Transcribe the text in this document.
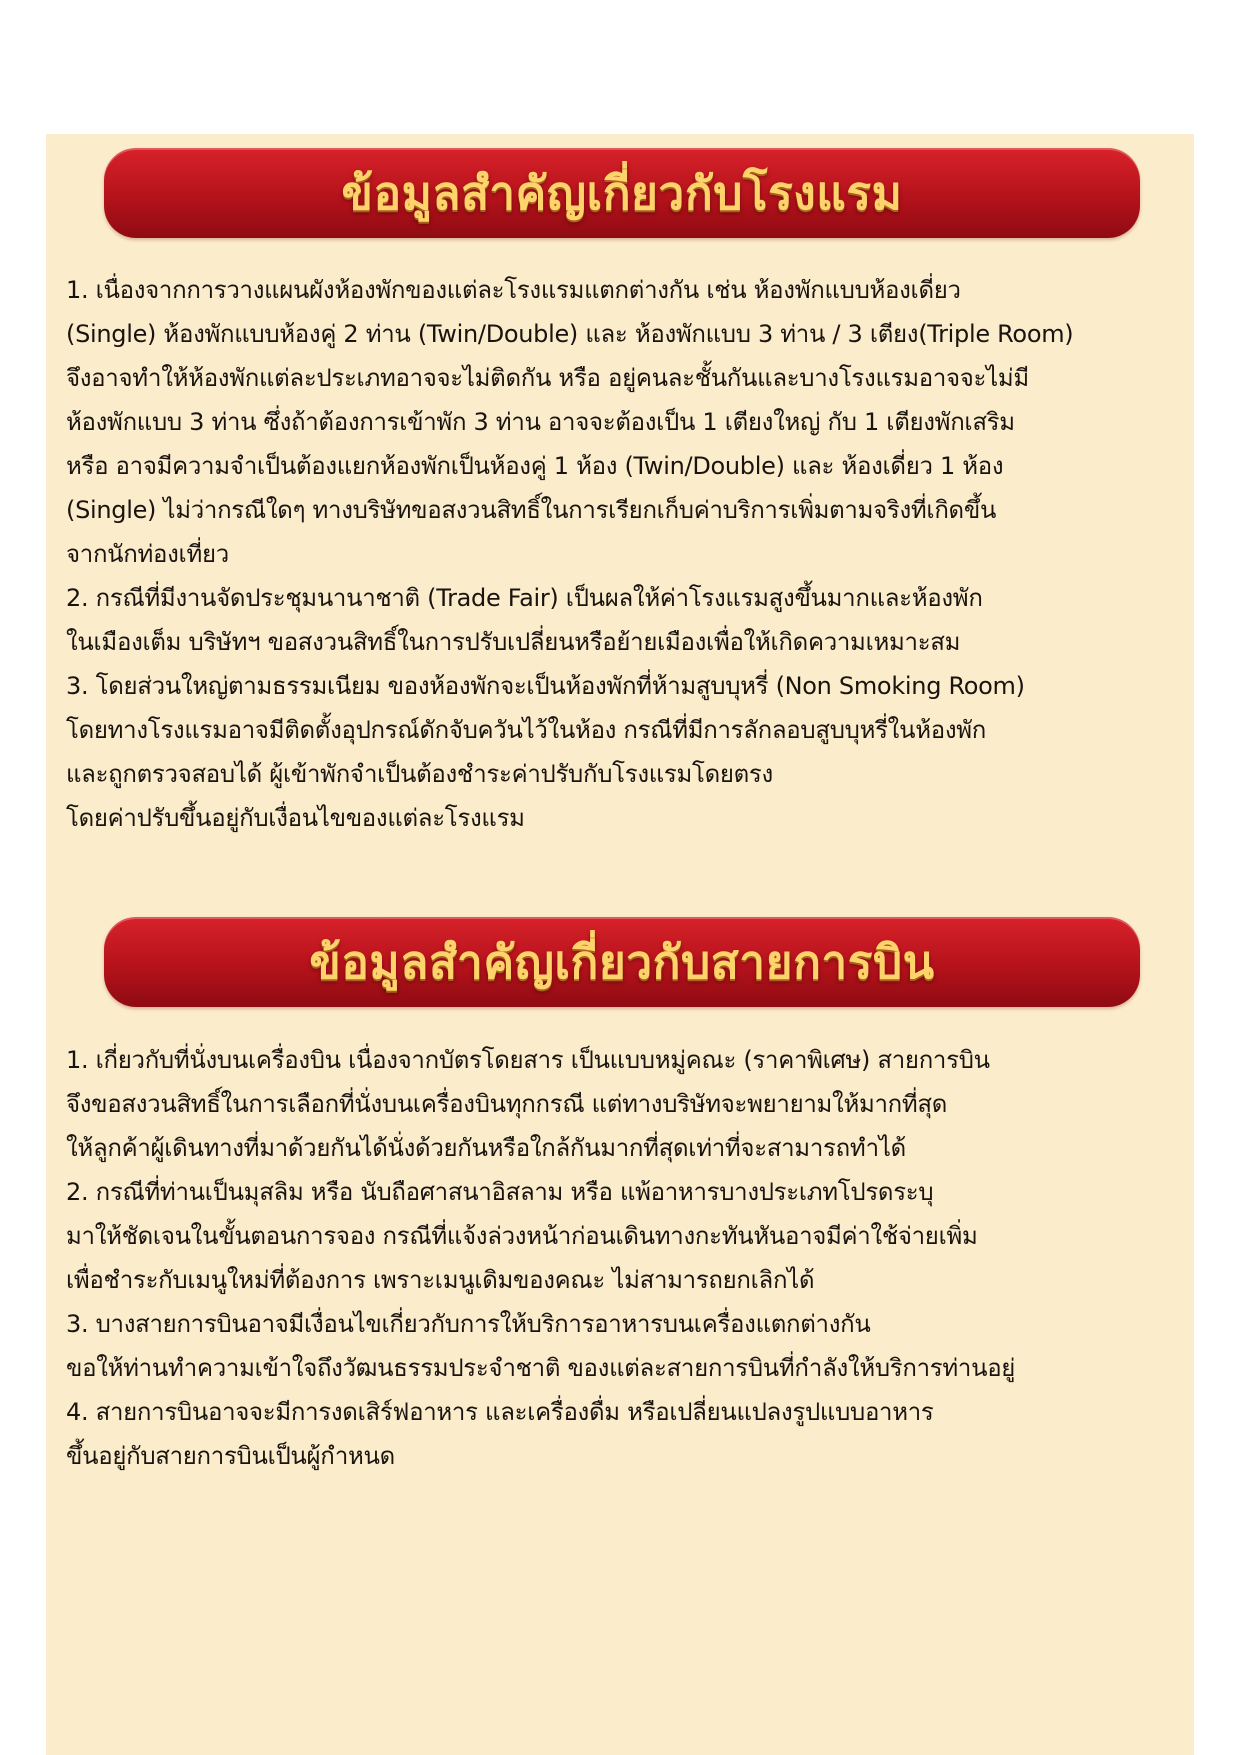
ข้อมูลสำคัญเกี่ยวกับโรงแรม

1. เนื่องจากการวางแผนผังห้องพักของแต่ละโรงแรมแตกต่างกัน เช่น ห้องพักแบบห้องเดี่ยว

(Single) ห้องพักแบบห้องคู่ 2 ท่าน (Twin/Double) และ ห้องพักแบบ 3 ท่าน / 3 เตียง(Triple Room)

จึงอาจทำให้ห้องพักแต่ละประเภทอาจจะไม่ติดกัน หรือ อยู่คนละชั้นกันและบางโรงแรมอาจจะไม่มี

ห้องพักแบบ 3 ท่าน ซึ่งถ้าต้องการเข้าพัก 3 ท่าน อาจจะต้องเป็น 1 เตียงใหญ่ กับ 1 เตียงพักเสริม

หรือ อาจมีความจำเป็นต้องแยกห้องพักเป็นห้องคู่ 1 ห้อง (Twin/Double) และ ห้องเดี่ยว 1 ห้อง

(Single) ไม่ว่ากรณีใดๆ ทางบริษัทขอสงวนสิทธิ์ในการเรียกเก็บค่าบริการเพิ่มตามจริงที่เกิดขึ้น

จากนักท่องเที่ยว

2. กรณีที่มีงานจัดประชุมนานาชาติ (Trade Fair) เป็นผลให้ค่าโรงแรมสูงขึ้นมากและห้องพัก

ในเมืองเต็ม บริษัทฯ ขอสงวนสิทธิ์ในการปรับเปลี่ยนหรือย้ายเมืองเพื่อให้เกิดความเหมาะสม

3. โดยส่วนใหญ่ตามธรรมเนียม ของห้องพักจะเป็นห้องพักที่ห้ามสูบบุหรี่ (Non Smoking Room)

โดยทางโรงแรมอาจมีติดตั้งอุปกรณ์ดักจับควันไว้ในห้อง กรณีที่มีการลักลอบสูบบุหรี่ในห้องพัก

และถูกตรวจสอบได้ ผู้เข้าพักจำเป็นต้องชำระค่าปรับกับโรงแรมโดยตรง

โดยค่าปรับขึ้นอยู่กับเงื่อนไขของแต่ละโรงแรม

ข้อมูลสำคัญเกี่ยวกับสายการบิน

1. เกี่ยวกับที่นั่งบนเครื่องบิน เนื่องจากบัตรโดยสาร เป็นแบบหมู่คณะ (ราคาพิเศษ) สายการบิน

จึงขอสงวนสิทธิ์ในการเลือกที่นั่งบนเครื่องบินทุกกรณี แต่ทางบริษัทจะพยายามให้มากที่สุด

ให้ลูกค้าผู้เดินทางที่มาด้วยกันได้นั่งด้วยกันหรือใกล้กันมากที่สุดเท่าที่จะสามารถทำได้

2. กรณีที่ท่านเป็นมุสลิม หรือ นับถือศาสนาอิสลาม หรือ แพ้อาหารบางประเภทโปรดระบุ

มาให้ชัดเจนในขั้นตอนการจอง กรณีที่แจ้งล่วงหน้าก่อนเดินทางกะทันหันอาจมีค่าใช้จ่ายเพิ่ม

เพื่อชำระกับเมนูใหม่ที่ต้องการ เพราะเมนูเดิมของคณะ ไม่สามารถยกเลิกได้

3. บางสายการบินอาจมีเงื่อนไขเกี่ยวกับการให้บริการอาหารบนเครื่องแตกต่างกัน

ขอให้ท่านทำความเข้าใจถึงวัฒนธรรมประจำชาติ ของแต่ละสายการบินที่กำลังให้บริการท่านอยู่

4. สายการบินอาจจะมีการงดเสิร์ฟอาหาร และเครื่องดื่ม หรือเปลี่ยนแปลงรูปแบบอาหาร

ขึ้นอยู่กับสายการบินเป็นผู้กำหนด
